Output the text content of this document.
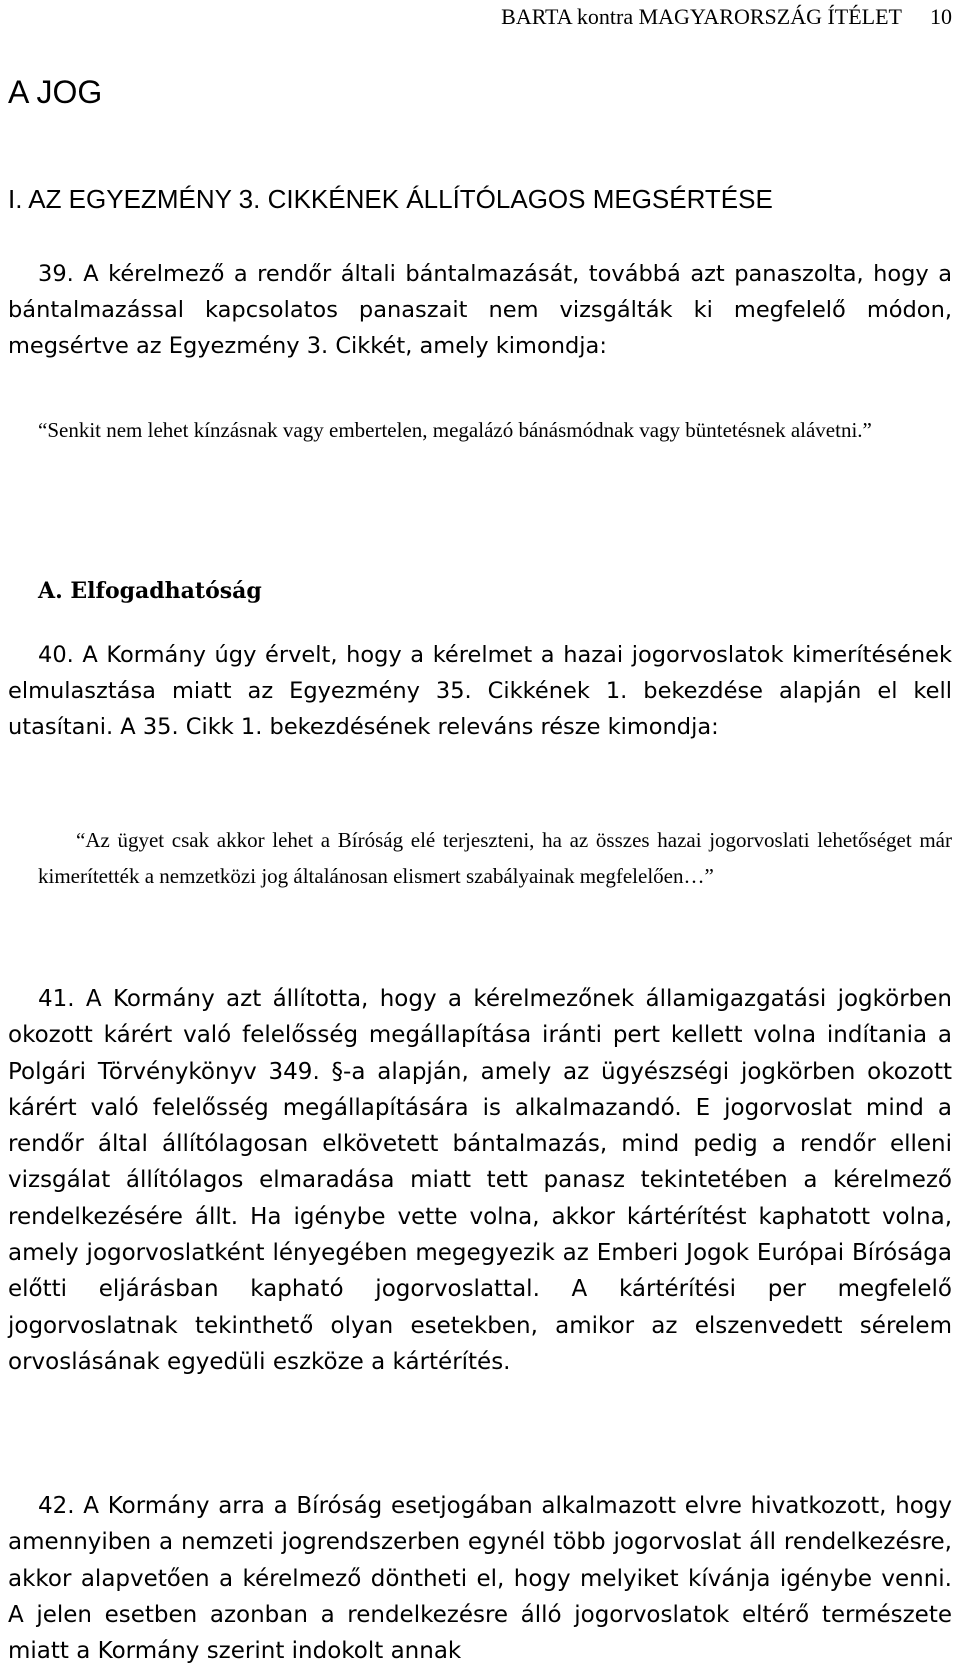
BARTA kontra MAGYARORSZÁG ÍTÉLET 10
A JOG
I. AZ EGYEZMÉNY 3. CIKKÉNEK ÁLLÍTÓLAGOS MEGSÉRTÉSE
39. A kérelmező a rendőr általi bántalmazását, továbbá azt panaszolta, hogy a bántalmazással kapcsolatos panaszait nem vizsgálták ki megfelelő módon, megsértve az Egyezmény 3. Cikkét, amely kimondja:
“Senkit nem lehet kínzásnak vagy embertelen, megalázó bánásmódnak vagy büntetésnek alávetni.”
A. Elfogadhatóság
40. A Kormány úgy érvelt, hogy a kérelmet a hazai jogorvoslatok kimerítésének elmulasztása miatt az Egyezmény 35. Cikkének 1. bekezdése alapján el kell utasítani. A 35. Cikk 1. bekezdésének releváns része kimondja:
“Az ügyet csak akkor lehet a Bíróság elé terjeszteni, ha az összes hazai jogorvoslati lehetőséget már kimerítették a nemzetközi jog általánosan elismert szabályainak megfelelően…”
41. A Kormány azt állította, hogy a kérelmezőnek államigazgatási jogkörben okozott kárért való felelősség megállapítása iránti pert kellett volna indítania a Polgári Törvénykönyv 349. §-a alapján, amely az ügyészségi jogkörben okozott kárért való felelősség megállapítására is alkalmazandó. E jogorvoslat mind a rendőr által állítólagosan elkövetett bántalmazás, mind pedig a rendőr elleni vizsgálat állítólagos elmaradása miatt tett panasz tekintetében a kérelmező rendelkezésére állt. Ha igénybe vette volna, akkor kártérítést kaphatott volna, amely jogorvoslatként lényegében megegyezik az Emberi Jogok Európai Bírósága előtti eljárásban kapható jogorvoslattal. A kártérítési per megfelelő jogorvoslatnak tekinthető olyan esetekben, amikor az elszenvedett sérelem orvoslásának egyedüli eszköze a kártérítés.
42. A Kormány arra a Bíróság esetjogában alkalmazott elvre hivatkozott, hogy amennyiben a nemzeti jogrendszerben egynél több jogorvoslat áll rendelkezésre, akkor alapvetően a kérelmező döntheti el, hogy melyiket kívánja igénybe venni. A jelen esetben azonban a rendelkezésre álló jogorvoslatok eltérő természete miatt a Kormány szerint indokolt annak
